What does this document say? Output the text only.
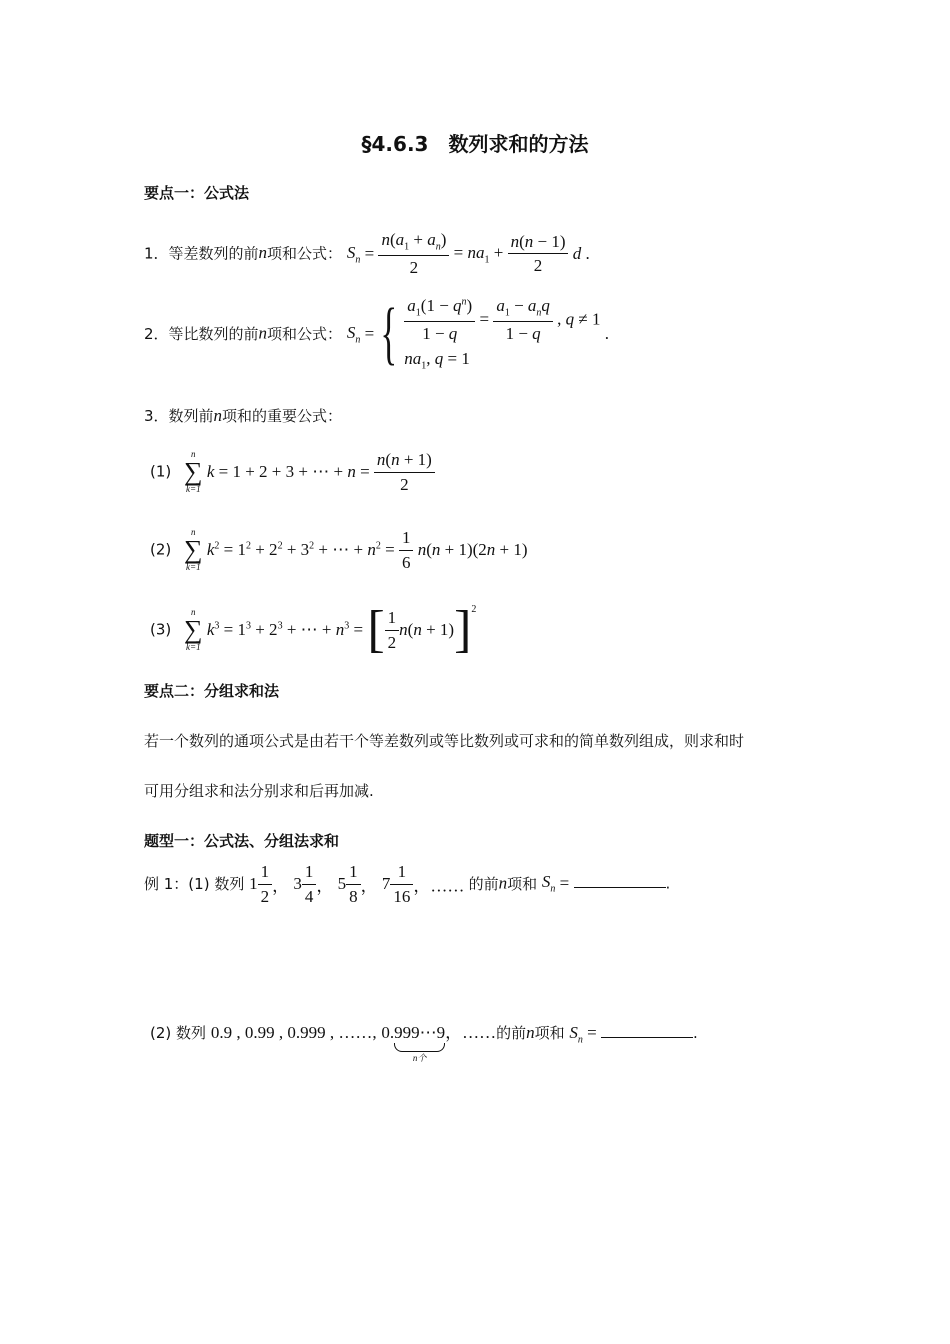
§4.6.3　数列求和的方法
要点一：公式法
1．等差数列的前n项和公式： $S_n = \frac{n(a_1 + a_n)}{2} = na_1 + \frac{n(n - 1)}{2}$ d .
2．等比数列的前n项和公式： $S_n$ = { $\frac{a_1(1 - q^n)}{1 - q} = \frac{a_1 - a_nq}{1 - q}$ , q ≠ 1
$na_1$, q = 1
.
3．数列前n项和的重要公式：
(1)
n
∑
k=1
k = 1 + 2 + 3 + ⋯ + $n = \frac{n(n + 1)}{2}$
(2)
n
∑
k=1
$k^2 = 1^2 + 2^2 + 3^2$ + ⋯ + $n^2 = \frac{1}{6} n(n + 1)(2n + 1)$
(3)
n
∑
k=1
$k^3 = 1^3 + 2^3$ + ⋯ + $n^3$ = [ $\frac{1}{2} n(n + 1)]^2$
要点二：分组求和法
若一个数列的通项公式是由若干个等差数列或等比数列或可求和的简单数列组成，则求和时
可用分组求和法分别求和后再加减.
题型一：公式法、分组法求和
例 1：(1) 数列 $1 \frac{1}{2}$ ， $3 \frac{1}{4}$ ， $5 \frac{1}{8}$ ， $7 \frac{1}{16}$ ，…… 的前n项和 $S_n$ =	.
(2) 数列 0.9 , 0.99 , 0.999 , ……, 0.999⋯9
n个
，……的前n项和 $S_n$ =	.
